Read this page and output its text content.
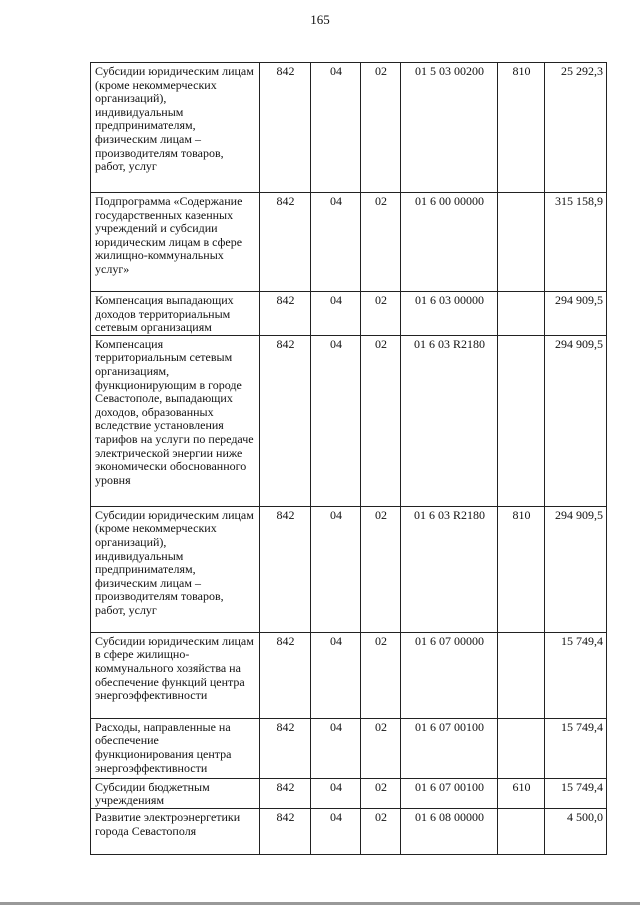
165
Субсидии юридическим лицам (кроме некоммерческих организаций), индивидуальным предпринимателям, физическим лицам – производителям товаров, работ, услуг	842	04	02	01 5 03 00200	810	25 292,3
Подпрограмма «Содержание государственных казенных учреждений и субсидии юридическим лицам в сфере жилищно-коммунальных услуг»	842	04	02	01 6 00 00000		315 158,9
Компенсация выпадающих доходов территориальным сетевым организациям	842	04	02	01 6 03 00000		294 909,5
Компенсация территориальным сетевым организациям, функционирующим в городе Севастополе, выпадающих доходов, образованных вследствие установления тарифов на услуги по передаче электрической энергии ниже экономически обоснованного уровня	842	04	02	01 6 03 R2180		294 909,5
Субсидии юридическим лицам (кроме некоммерческих организаций), индивидуальным предпринимателям, физическим лицам – производителям товаров, работ, услуг	842	04	02	01 6 03 R2180	810	294 909,5
Субсидии юридическим лицам в сфере жилищно-коммунального хозяйства на обеспечение функций центра энергоэффективности	842	04	02	01 6 07 00000		15 749,4
Расходы, направленные на обеспечение функционирования центра энергоэффективности	842	04	02	01 6 07 00100		15 749,4
Субсидии бюджетным учреждениям	842	04	02	01 6 07 00100	610	15 749,4
Развитие электроэнергетики города Севастополя	842	04	02	01 6 08 00000		4 500,0
